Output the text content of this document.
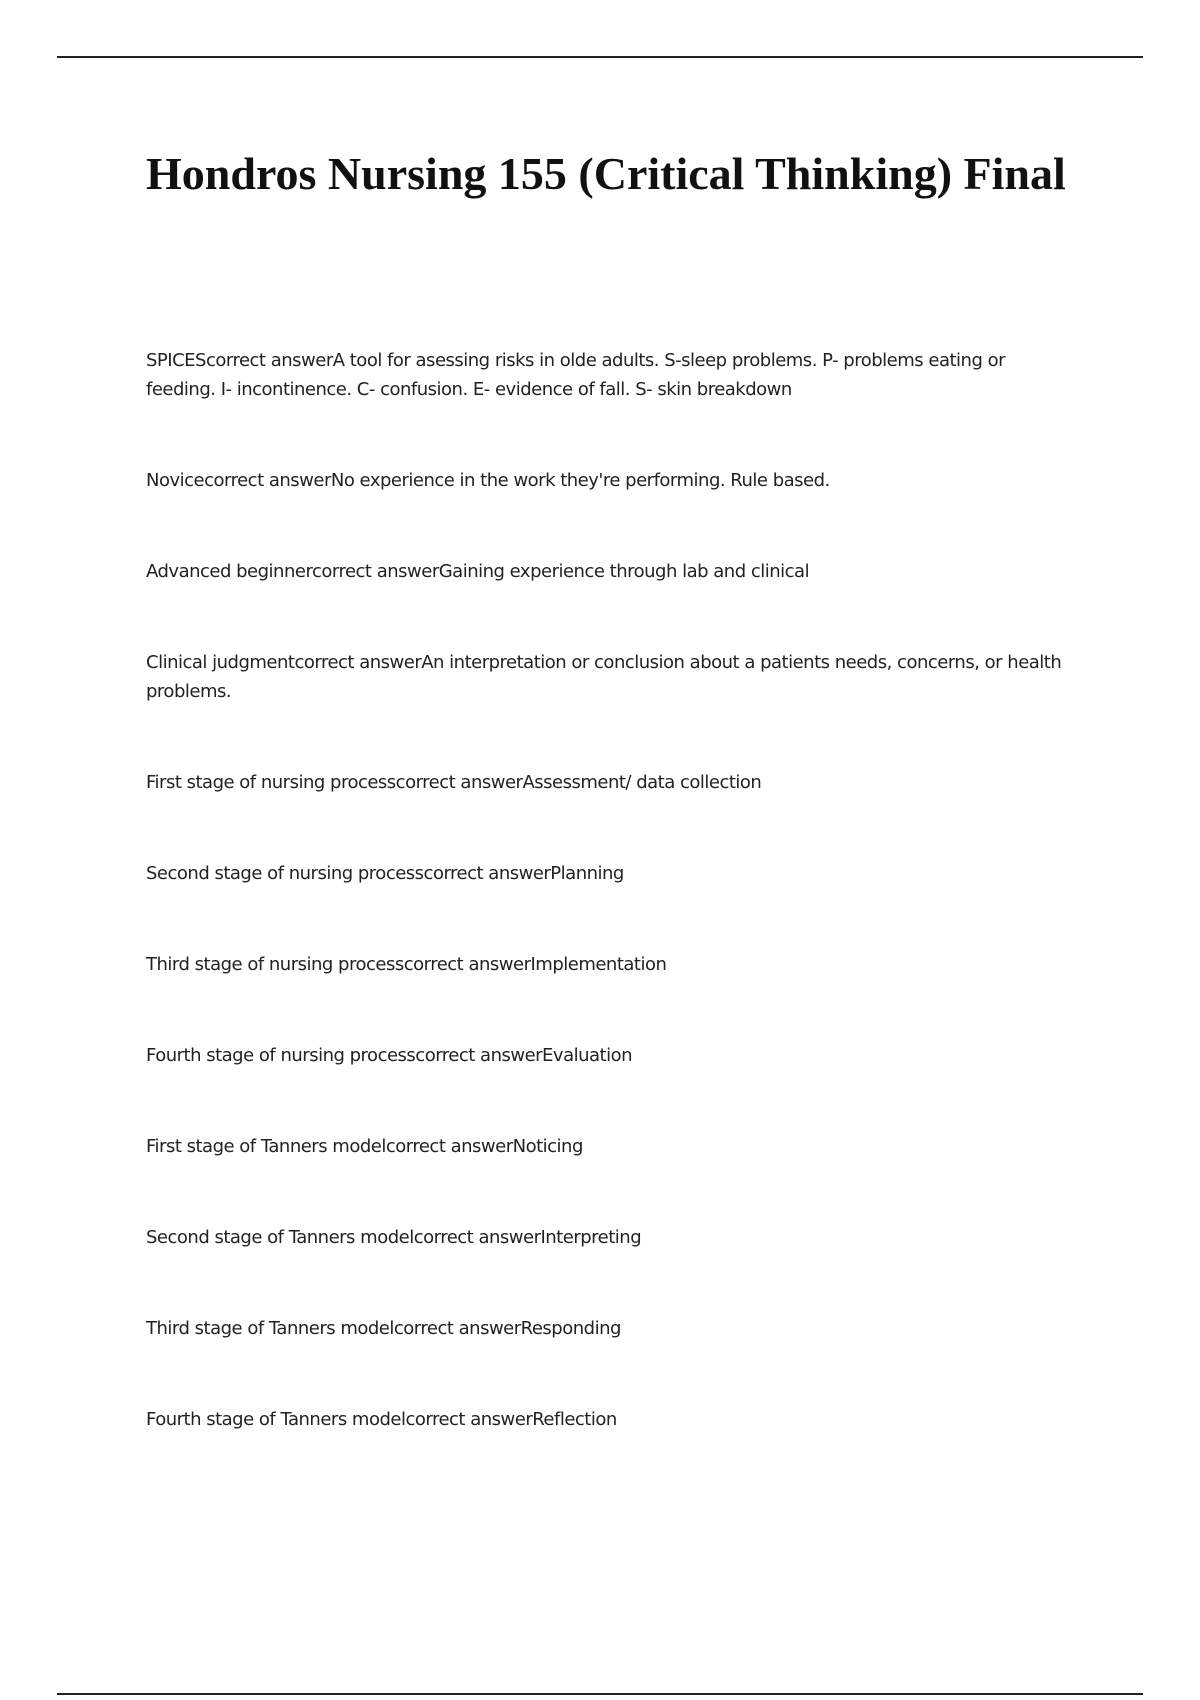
Hondros Nursing 155 (Critical Thinking) Final
SPICEScorrect answerA tool for asessing risks in olde adults. S-sleep problems. P- problems eating or feeding. I- incontinence. C- confusion. E- evidence of fall. S- skin breakdown
Novicecorrect answerNo experience in the work they're performing. Rule based.
Advanced beginnercorrect answerGaining experience through lab and clinical
Clinical judgmentcorrect answerAn interpretation or conclusion about a patients needs, concerns, or health problems.
First stage of nursing processcorrect answerAssessment/ data collection
Second stage of nursing processcorrect answerPlanning
Third stage of nursing processcorrect answerImplementation
Fourth stage of nursing processcorrect answerEvaluation
First stage of Tanners modelcorrect answerNoticing
Second stage of Tanners modelcorrect answerInterpreting
Third stage of Tanners modelcorrect answerResponding
Fourth stage of Tanners modelcorrect answerReflection
